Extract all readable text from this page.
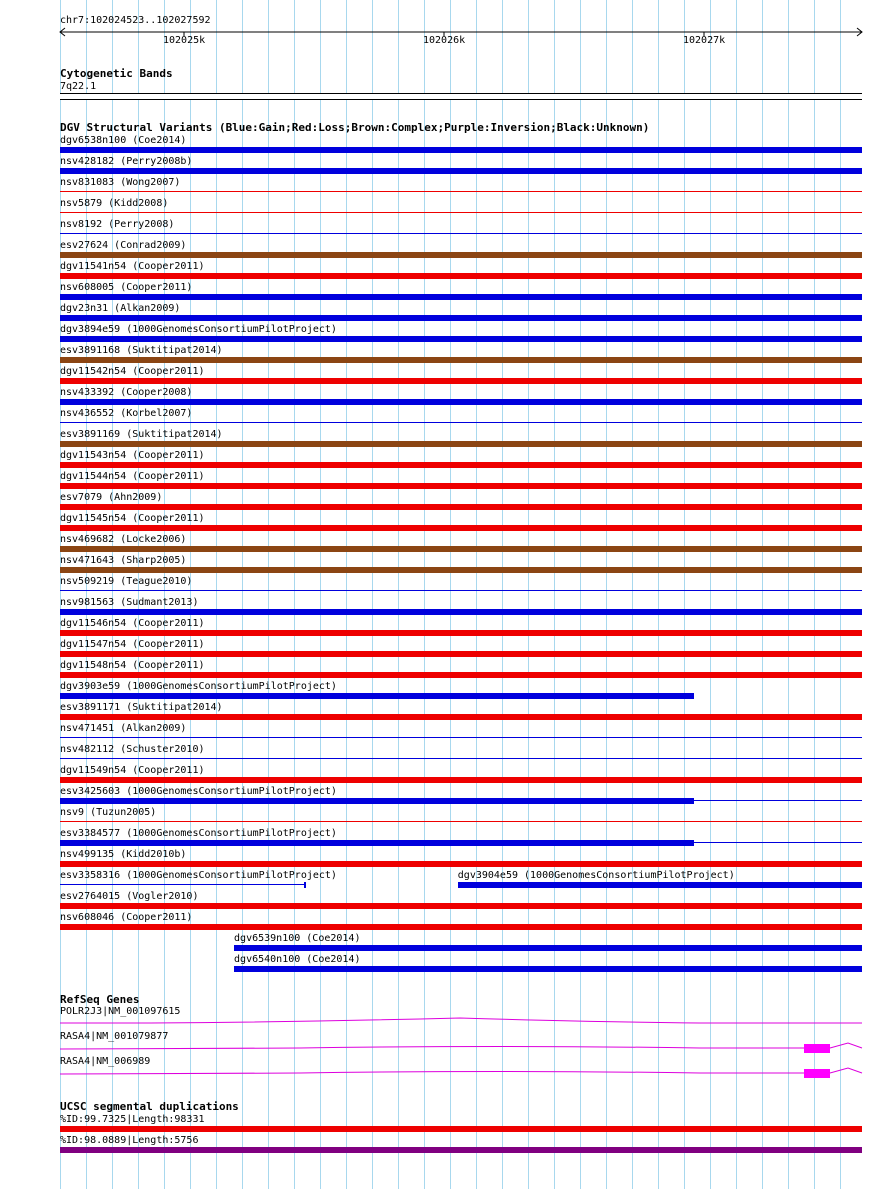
chr7:102024523..102027592
102025k	102026k	102027k
Cytogenetic Bands
7q22.1
DGV Structural Variants (Blue:Gain;Red:Loss;Brown:Complex;Purple:Inversion;Black:Unknown)
dgv6538n100 (Coe2014)
nsv428182 (Perry2008b)
nsv831083 (Wong2007)
nsv5879 (Kidd2008)
nsv8192 (Perry2008)
esv27624 (Conrad2009)
dgv11541n54 (Cooper2011)
nsv608005 (Cooper2011)
dgv23n31 (Alkan2009)
dgv3894e59 (1000GenomesConsortiumPilotProject)
esv3891168 (Suktitipat2014)
dgv11542n54 (Cooper2011)
nsv433392 (Cooper2008)
nsv436552 (Korbel2007)
esv3891169 (Suktitipat2014)
dgv11543n54 (Cooper2011)
dgv11544n54 (Cooper2011)
esv7079 (Ahn2009)
dgv11545n54 (Cooper2011)
nsv469682 (Locke2006)
nsv471643 (Sharp2005)
nsv509219 (Teague2010)
nsv981563 (Sudmant2013)
dgv11546n54 (Cooper2011)
dgv11547n54 (Cooper2011)
dgv11548n54 (Cooper2011)
dgv3903e59 (1000GenomesConsortiumPilotProject)
esv3891171 (Suktitipat2014)
nsv471451 (Alkan2009)
nsv482112 (Schuster2010)
dgv11549n54 (Cooper2011)
esv3425603 (1000GenomesConsortiumPilotProject)
nsv9 (Tuzun2005)
esv3384577 (1000GenomesConsortiumPilotProject)
nsv499135 (Kidd2010b)
esv3358316 (1000GenomesConsortiumPilotProject)	dgv3904e59 (1000GenomesConsortiumPilotProject)
esv2764015 (Vogler2010)
nsv608046 (Cooper2011)
dgv6539n100 (Coe2014)
dgv6540n100 (Coe2014)
RefSeq Genes
POLR2J3|NM_001097615
RASA4|NM_001079877
RASA4|NM_006989
UCSC segmental duplications
%ID:99.7325|Length:98331
%ID:98.0889|Length:5756
